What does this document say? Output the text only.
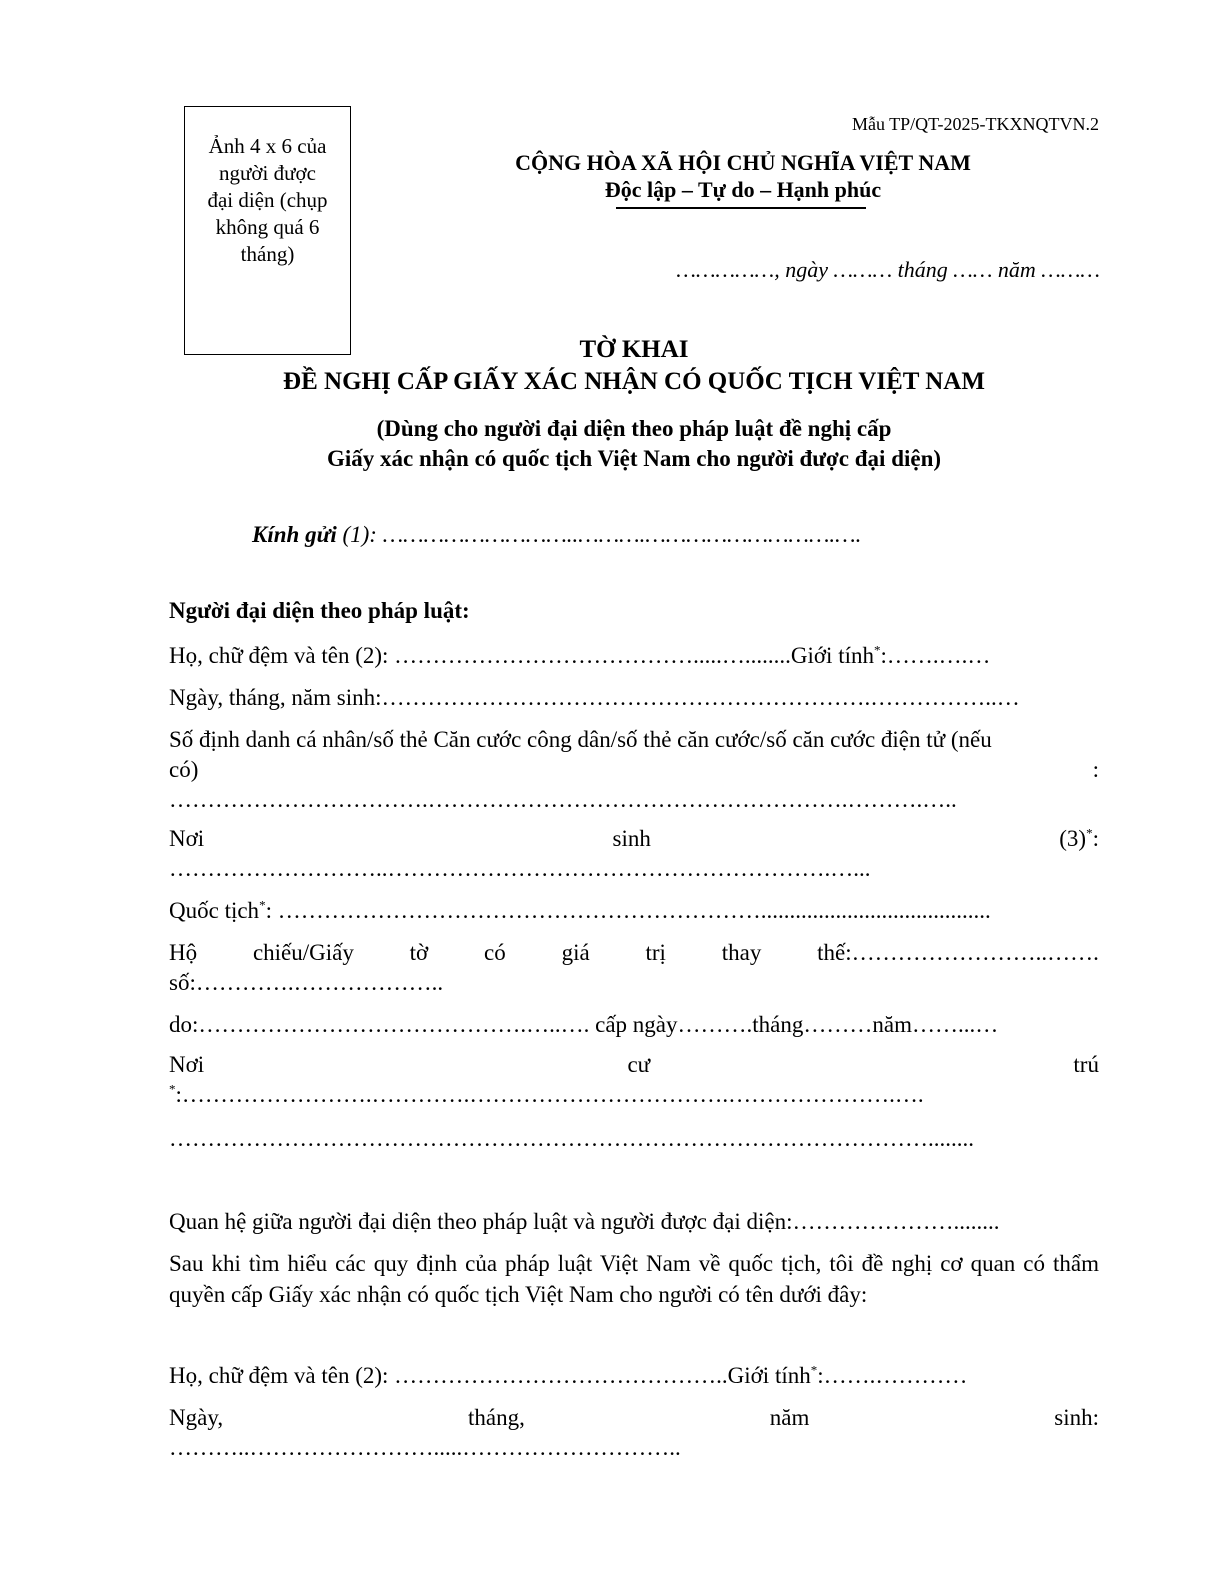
Ảnh 4 x 6 của
người được
đại diện (chụp
không quá 6
tháng)
Mẫu TP/QT-2025-TKXNQTVN.2
CỘNG HÒA XÃ HỘI CHỦ NGHĨA VIỆT NAM
Độc lập – Tự do – Hạnh phúc
……………, ngày ……… tháng …… năm ………
TỜ KHAI
ĐỀ NGHỊ CẤP GIẤY XÁC NHẬN CÓ QUỐC TỊCH VIỆT NAM
(Dùng cho người đại diện theo pháp luật đề nghị cấp
Giấy xác nhận có quốc tịch Việt Nam cho người được đại diện)
Kính gửi (1): ………………………..……….……………………….….
Người đại diện theo pháp luật:
Họ, chữ đệm và tên (2): ………………………………….....…........Giới tính*:…….….…
Ngày, tháng, năm sinh:……………………………………………………….……………..…
Số định danh cá nhân/số thẻ Căn cước công dân/số thẻ căn cước/số căn cước điện tử (nếu
có)	:
…………………………….……………………………………………….……….…..
Nơi	sinh	(3)*:
………………………..………………………………………………….…...
Quốc tịch*: ………………………………………………………........................................
Hộ chiếu/Giấy tờ có giá trị thay thế:……………………..…….
số:………….………………..
do:…………………………………….…..…. cấp ngày……….tháng………năm……...…
Nơi	cư	trú
*:…………………….………….…………………………….………………….….
………………………………………………………………………………………........
Quan hệ giữa người đại diện theo pháp luật và người được đại diện:…………………........
Sau khi tìm hiểu các quy định của pháp luật Việt Nam về quốc tịch, tôi đề nghị cơ quan có thẩm quyền cấp Giấy xác nhận có quốc tịch Việt Nam cho người có tên dưới đây:
Họ, chữ đệm và tên (2): ……………………………………..Giới tính*:…….…………
Ngày,	tháng,	năm	sinh:
………..…………………….....………………………..
